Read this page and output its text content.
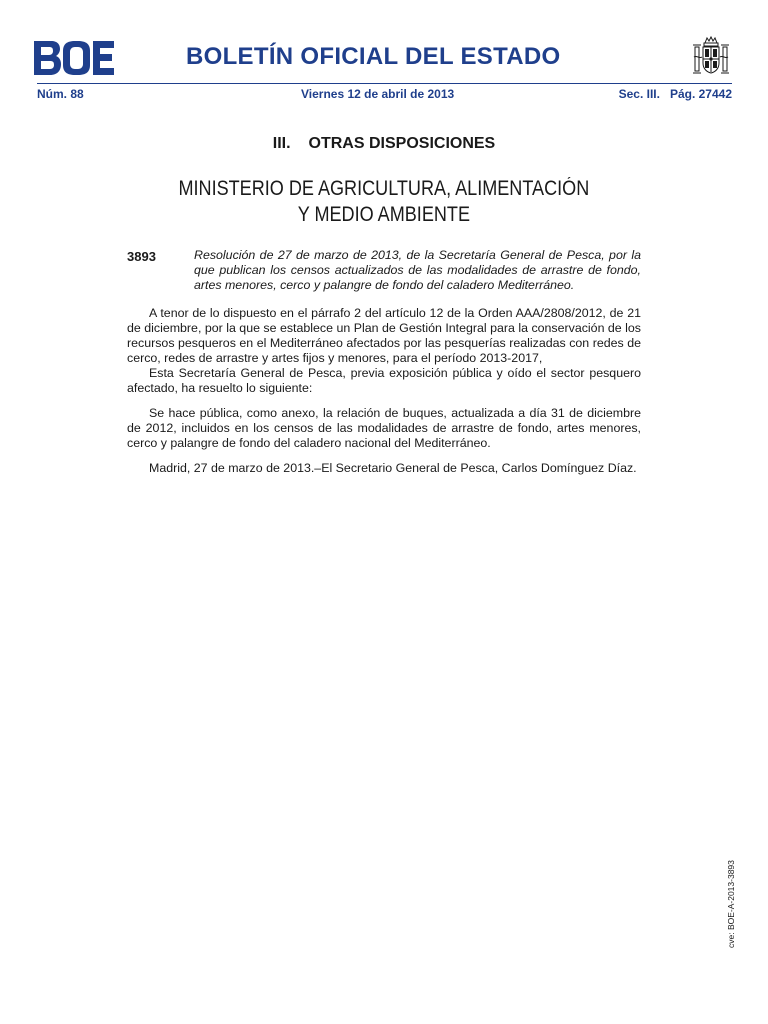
BOLETÍN OFICIAL DEL ESTADO
Núm. 88	Viernes 12 de abril de 2013	Sec. III.   Pág. 27442
III. OTRAS DISPOSICIONES
MINISTERIO DE AGRICULTURA, ALIMENTACIÓN
Y MEDIO AMBIENTE
3893	Resolución de 27 de marzo de 2013, de la Secretaría General de Pesca, por la que publican los censos actualizados de las modalidades de arrastre de fondo, artes menores, cerco y palangre de fondo del caladero Mediterráneo.

A tenor de lo dispuesto en el párrafo 2 del artículo 12 de la Orden AAA/2808/2012, de 21 de diciembre, por la que se establece un Plan de Gestión Integral para la conservación de los recursos pesqueros en el Mediterráneo afectados por las pesquerías realizadas con redes de cerco, redes de arrastre y artes fijos y menores, para el período 2013-2017,

Esta Secretaría General de Pesca, previa exposición pública y oído el sector pesquero afectado, ha resuelto lo siguiente:

Se hace pública, como anexo, la relación de buques, actualizada a día 31 de diciembre de 2012, incluidos en los censos de las modalidades de arrastre de fondo, artes menores, cerco y palangre de fondo del caladero nacional del Mediterráneo.

Madrid, 27 de marzo de 2013.–El Secretario General de Pesca, Carlos Domínguez Díaz.

cve: BOE-A-2013-3893
